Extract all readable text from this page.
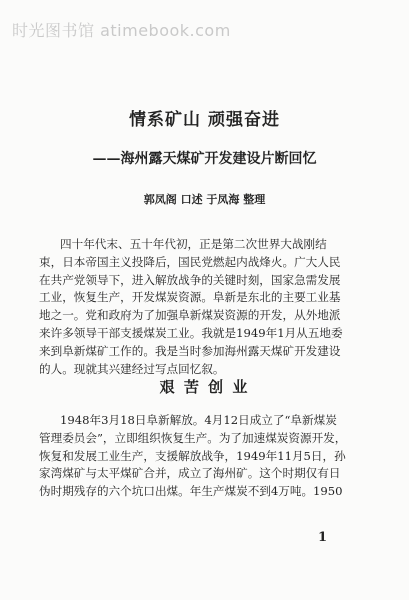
时光图书馆 atimebook.com
情系矿山 顽强奋进
——海州露天煤矿开发建设片断回忆
郭凤阁 口述 于凤海 整理
四十年代末、五十年代初，正是第二次世界大战刚结
束，日本帝国主义投降后，国民党燃起内战烽火。广大人民
在共产党领导下，进入解放战争的关键时刻，国家急需发展
工业，恢复生产，开发煤炭资源。阜新是东北的主要工业基
地之一。党和政府为了加强阜新煤炭资源的开发，从外地派
来许多领导干部支援煤炭工业。我就是1949年1月从五地委
来到阜新煤矿工作的。我是当时参加海州露天煤矿开发建设
的人。现就其兴建经过写点回忆叙。
艰 苦 创 业
1948年3月18日阜新解放。4月12日成立了“阜新煤炭
管理委员会”，立即组织恢复生产。为了加速煤炭资源开发，
恢复和发展工业生产，支援解放战争，1949年11月5日，孙
家湾煤矿与太平煤矿合并，成立了海州矿。这个时期仅有日
伪时期残存的六个坑口出煤。年生产煤炭不到4万吨。1950
1
